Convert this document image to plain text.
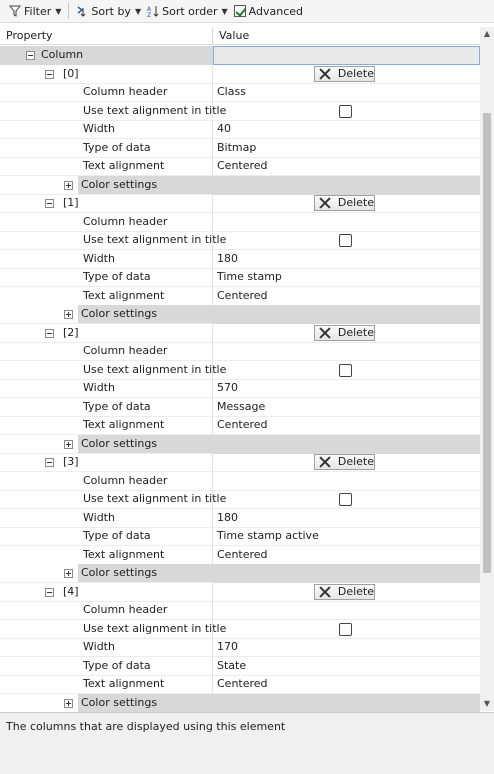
Filter ▼	Sort by ▼ A
Z Sort order ▼ Advanced
Property	Value
Column
[0]	Delete
Column header	Class
Use text alignment in title
Width	40
Type of data	Bitmap
Text alignment	Centered
Color settings
[1]	Delete
Column header
Use text alignment in title
Width	180
Type of data	Time stamp
Text alignment	Centered
Color settings
[2]	Delete
Column header
Use text alignment in title
Width	570
Type of data	Message
Text alignment	Centered
Color settings
[3]	Delete
Column header
Use text alignment in title
Width	180
Type of data	Time stamp active
Text alignment	Centered
Color settings
[4]	Delete
Column header
Use text alignment in title
Width	170
Type of data	State
Text alignment	Centered
Color settings
▲
▼
The columns that are displayed using this element
